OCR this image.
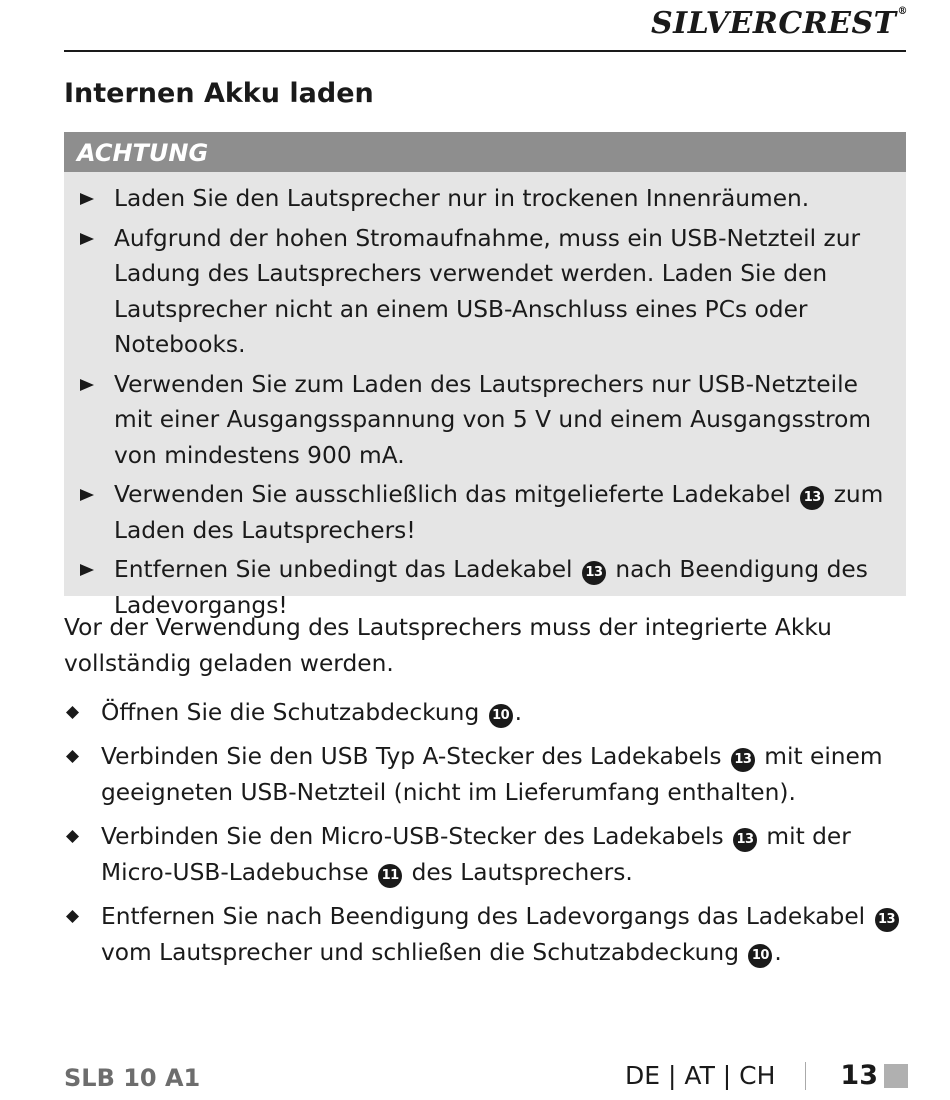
SILVERCREST®
Internen Akku laden
ACHTUNG
Laden Sie den Lautsprecher nur in trockenen Innenräumen.
Aufgrund der hohen Stromaufnahme, muss ein USB-Netzteil zur Ladung des Lautsprechers verwendet werden. Laden Sie den Lautsprecher nicht an einem USB-Anschluss eines PCs oder Notebooks.
Verwenden Sie zum Laden des Lautsprechers nur USB-Netzteile mit einer Ausgangsspannung von 5 V und einem Ausgangsstrom von mindestens 900 mA.
Verwenden Sie ausschließlich das mitgelieferte Ladekabel 13 zum Laden des Lautsprechers!
Entfernen Sie unbedingt das Ladekabel 13 nach Beendigung des Ladevorgangs!
Vor der Verwendung des Lautsprechers muss der integrierte Akku vollständig geladen werden.
Öffnen Sie die Schutzabdeckung 10 .
Verbinden Sie den USB Typ A-Stecker des Ladekabels 13 mit einem geeigneten USB-Netzteil (nicht im Lieferumfang enthalten).
Verbinden Sie den Micro-USB-Stecker des Ladekabels 13 mit der Micro-USB-Ladebuchse 11 des Lautsprechers.
Entfernen Sie nach Beendigung des Ladevorgangs das Ladekabel 13 vom Lautsprecher und schließen die Schutzabdeckung 10 .
SLB 10 A1	DE | AT | CH 13
